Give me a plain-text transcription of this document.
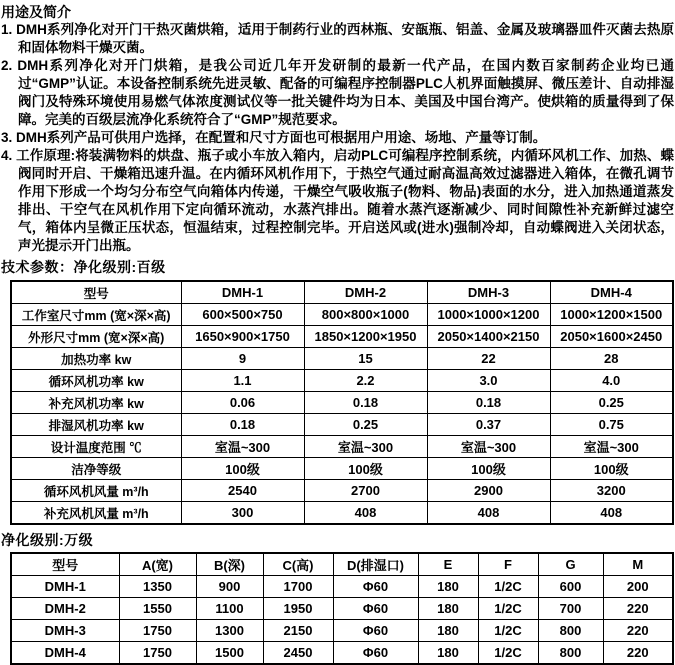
用途及简介

1. DMH系列净化对开门干热灭菌烘箱，适用于制药行业的西林瓶、安瓿瓶、铝盖、金属及玻璃器皿件灭菌去热原和固体物料干燥灭菌。

2. DMH系列净化对开门烘箱，是我公司近几年开发研制的最新一代产品，在国内数百家制药企业均已通过“GMP”认证。本设备控制系统先进灵敏、配备的可编程序控制器PLC人机界面触摸屏、微压差计、自动排湿阀门及特殊环境使用易燃气体浓度测试仪等一批关键件均为日本、美国及中国台湾产。使烘箱的质量得到了保障。完美的百级层流净化系统符合了“GMP”规范要求。

3. DMH系列产品可供用户选择，在配置和尺寸方面也可根据用户用途、场地、产量等订制。

4. 工作原理:将装满物料的烘盘、瓶子或小车放入箱内，启动PLC可编程序控制系统，内循环风机工作、加热、蝶阀同时开启、干燥箱迅速升温。在内循环风机作用下，于热空气通过耐高温高效过滤器进入箱体，在微孔调节作用下形成一个均匀分布空气向箱体内传递，干燥空气吸收瓶子(物料、物品)表面的水分，进入加热通道蒸发排出、干空气在风机作用下定向循环流动，水蒸汽排出。随着水蒸汽逐渐减少、同时间隙性补充新鲜过滤空气，箱体内呈微正压状态，恒温结束，过程控制完毕。开启送风或(进水)强制冷却，自动蝶阀进入关闭状态，声光提示开门出瓶。

技术参数：净化级别:百级
型号	DMH-1	DMH-2	DMH-3	DMH-4
工作室尺寸mm (宽×深×高)	600×500×750	800×800×1000	1000×1000×1200	1000×1200×1500
外形尺寸mm (宽×深×高)	1650×900×1750	1850×1200×1950	2050×1400×2150	2050×1600×2450
加热功率 kw	9	15	22	28
循环风机功率 kw	1.1	2.2	3.0	4.0
补充风机功率 kw	0.06	0.18	0.18	0.25
排湿风机功率 kw	0.18	0.25	0.37	0.75
设计温度范围 ℃	室温~300	室温~300	室温~300	室温~300
洁净等级	100级	100级	100级	100级
循环风机风量 m³/h	2540	2700	2900	3200
补充风机风量 m³/h	300	408	408	408
净化级别:万级
型号	A(宽)	B(深)	C(高)	D(排湿口)	E	F	G	M
DMH-1	1350	900	1700	Φ60	180	1/2C	600	200
DMH-2	1550	1100	1950	Φ60	180	1/2C	700	220
DMH-3	1750	1300	2150	Φ60	180	1/2C	800	220
DMH-4	1750	1500	2450	Φ60	180	1/2C	800	220
